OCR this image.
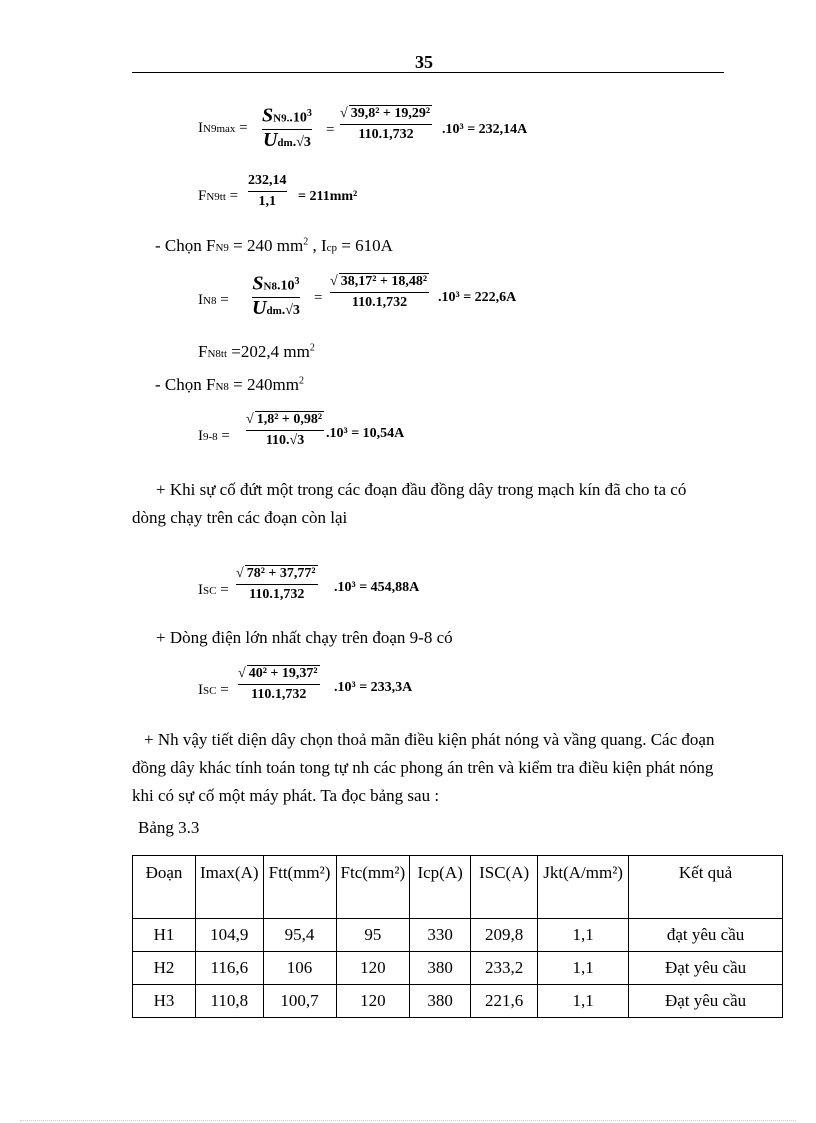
35
IN9max =
$SN9..10^3$
Udm.√3
=
√ 39,8² + 19,29²
110.1,732 .10³ = 232,14A
FN9tt =
232,14
1,1 = 211mm²
- Chọn FN9 = 240 $mm^2$ , Icp = 610A
IN8 =
$SN8.10^3$
Udm.√3
=
√ 38,17² + 18,48²
110.1,732 .10³ = 222,6A
FN8tt =202,4 $mm^2$
- Chọn $FN8 = 240mm^2$
I9-8 =
√ 1,8² + 0,98²
110.√3 .10³ = 10,54A
+ Khi sự cố đứt một trong các đoạn đầu đồng dây trong mạch kín đã cho ta có dòng chạy trên các đoạn còn lại
ISC =
√ 78² + 37,77²
110.1,732 .10³ = 454,88A
+ Dòng điện lớn nhất chạy trên đoạn 9-8 có
ISC =
√ 40² + 19,37²
110.1,732 .10³ = 233,3A
+ Nh vậy tiết diện dây chọn thoả mãn điều kiện phát nóng và vầng quang. Các đoạn đồng dây khác tính toán tong tự nh các phong án trên và kiểm tra điều kiện phát nóng khi có sự cố một máy phát. Ta đọc bảng sau :
Bảng 3.3
Đoạn	Imax(A)	Ftt(mm²)	Ftc(mm²)	Icp(A)	ISC(A)	Jkt(A/mm²)	Kết quả
H1	104,9	95,4	95	330	209,8	1,1	đạt yêu cầu
H2	116,6	106	120	380	233,2	1,1	Đạt yêu cầu
H3	110,8	100,7	120	380	221,6	1,1	Đạt yêu cầu
